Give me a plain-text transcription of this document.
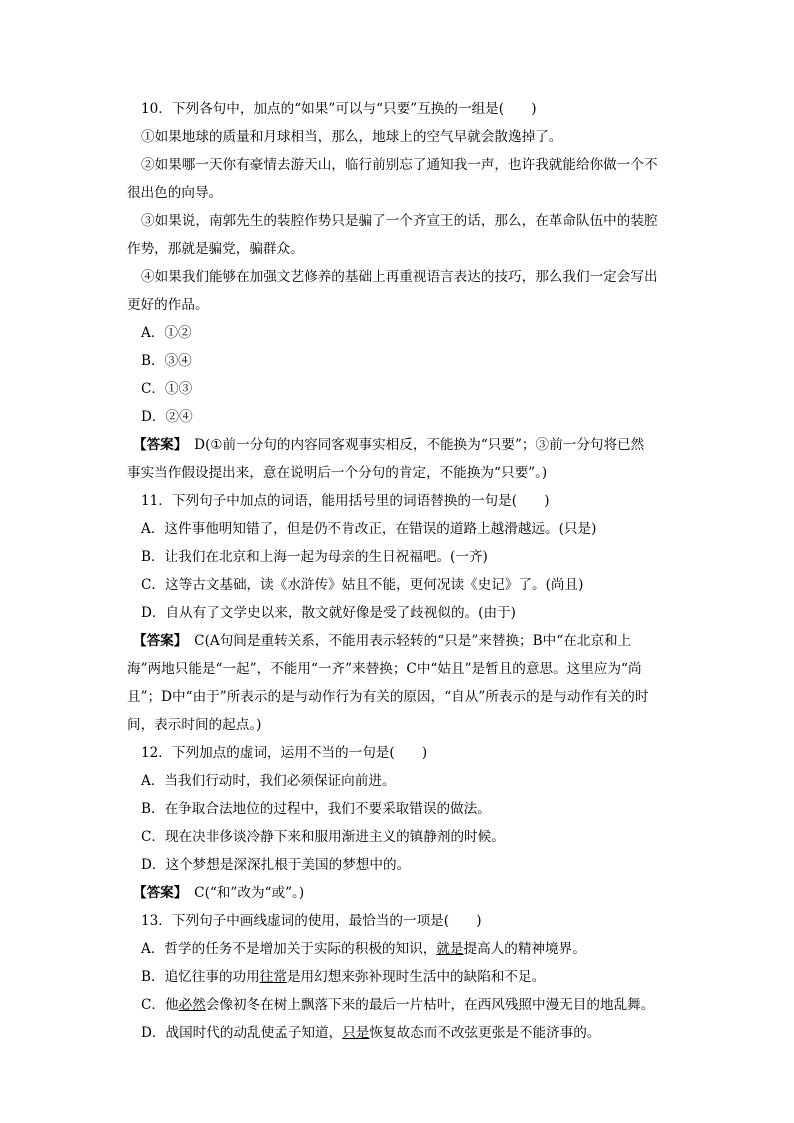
10．下列各句中，加点的“如果”可以与“只要”互换的一组是(　　)

①如果地球的质量和月球相当，那么，地球上的空气早就会散逸掉了。

②如果哪一天你有豪情去游天山，临行前别忘了通知我一声，也许我就能给你做一个不

很出色的向导。

③如果说，南郭先生的装腔作势只是骗了一个齐宣王的话，那么，在革命队伍中的装腔

作势，那就是骗党，骗群众。

④如果我们能够在加强文艺修养的基础上再重视语言表达的技巧，那么我们一定会写出

更好的作品。

A．①②

B．③④

C．①③

D．②④

【答案】　D(①前一分句的内容同客观事实相反，不能换为“只要”；③前一分句将已然

事实当作假设提出来，意在说明后一个分句的肯定，不能换为“只要”。)

11．下列句子中加点的词语，能用括号里的词语替换的一句是(　　)

A．这件事他明知错了，但是仍不肯改正，在错误的道路上越滑越远。(只是)

B．让我们在北京和上海一起为母亲的生日祝福吧。(一齐)

C．这等古文基础，读《水浒传》姑且不能，更何况读《史记》了。(尚且)

D．自从有了文学史以来，散文就好像是受了歧视似的。(由于)

【答案】　C(A句间是重转关系，不能用表示轻转的“只是”来替换；B中“在北京和上

海”两地只能是“一起”，不能用“一齐”来替换；C中“姑且”是暂且的意思。这里应为“尚

且”；D中“由于”所表示的是与动作行为有关的原因，“自从”所表示的是与动作有关的时

间，表示时间的起点。)

12．下列加点的虚词，运用不当的一句是(　　)

A．当我们行动时，我们必须保证向前进。

B．在争取合法地位的过程中，我们不要采取错误的做法。

C．现在决非侈谈冷静下来和服用渐进主义的镇静剂的时候。

D．这个梦想是深深扎根于美国的梦想中的。

【答案】　C(“和”改为“或”。)

13．下列句子中画线虚词的使用，最恰当的一项是(　　)

A．哲学的任务不是增加关于实际的积极的知识，就是提高人的精神境界。

B．追忆往事的功用往常是用幻想来弥补现时生活中的缺陷和不足。

C．他必然会像初冬在树上飘落下来的最后一片枯叶，在西风残照中漫无目的地乱舞。

D．战国时代的动乱使孟子知道，只是恢复故态而不改弦更张是不能济事的。
